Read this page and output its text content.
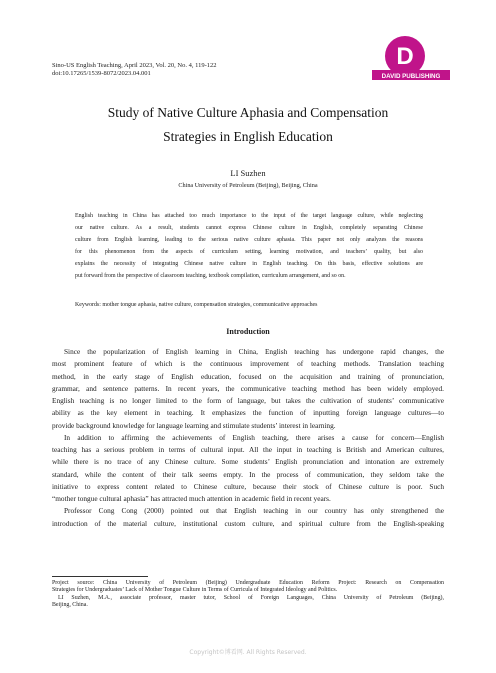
Sino-US English Teaching, April 2023, Vol. 20, No. 4, 119-122
doi:10.17265/1539-8072/2023.04.001
D
DAVID PUBLISHING
Study of Native Culture Aphasia and Compensation
Strategies in English Education
LI Suzhen
China University of Petroleum (Beijing), Beijing, China
English teaching in China has attached too much importance to the input of the target language culture, while neglecting
our native culture. As a result, students cannot express Chinese culture in English, completely separating Chinese
culture from English learning, leading to the serious native culture aphasia. This paper not only analyzes the reasons
for this phenomenon from the aspects of curriculum setting, learning motivation, and teachers’ quality, but also
explains the necessity of integrating Chinese native culture in English teaching. On this basis, effective solutions are
put forward from the perspective of classroom teaching, textbook compilation, curriculum arrangement, and so on.
Keywords: mother tongue aphasia, native culture, compensation strategies, communicative approaches
Introduction
Since the popularization of English learning in China, English teaching has undergone rapid changes, the
most prominent feature of which is the continuous improvement of teaching methods. Translation teaching
method, in the early stage of English education, focused on the acquisition and training of pronunciation,
grammar, and sentence patterns. In recent years, the communicative teaching method has been widely employed.
English teaching is no longer limited to the form of language, but takes the cultivation of students’ communicative
ability as the key element in teaching. It emphasizes the function of inputting foreign language cultures—to
provide background knowledge for language learning and stimulate students’ interest in learning.
In addition to affirming the achievements of English teaching, there arises a cause for concern—English
teaching has a serious problem in terms of cultural input. All the input in teaching is British and American cultures,
while there is no trace of any Chinese culture. Some students’ English pronunciation and intonation are extremely
standard, while the content of their talk seems empty. In the process of communication, they seldom take the
initiative to express content related to Chinese culture, because their stock of Chinese culture is poor. Such
“mother tongue cultural aphasia” has attracted much attention in academic field in recent years.
Professor Cong Cong (2000) pointed out that English teaching in our country has only strengthened the
introduction of the material culture, institutional custom culture, and spiritual culture from the English-speaking
Project source: China University of Petroleum (Beijing) Undergraduate Education Reform Project: Research on Compensation
Strategies for Undergraduates’ Lack of Mother Tongue Culture in Terms of Curricula of Integrated Ideology and Politics.
LI Suzhen, M.A., associate professor, master tutor, School of Foreign Languages, China University of Petroleum (Beijing),
Beijing, China.
Copyright©博看网. All Rights Reserved.
